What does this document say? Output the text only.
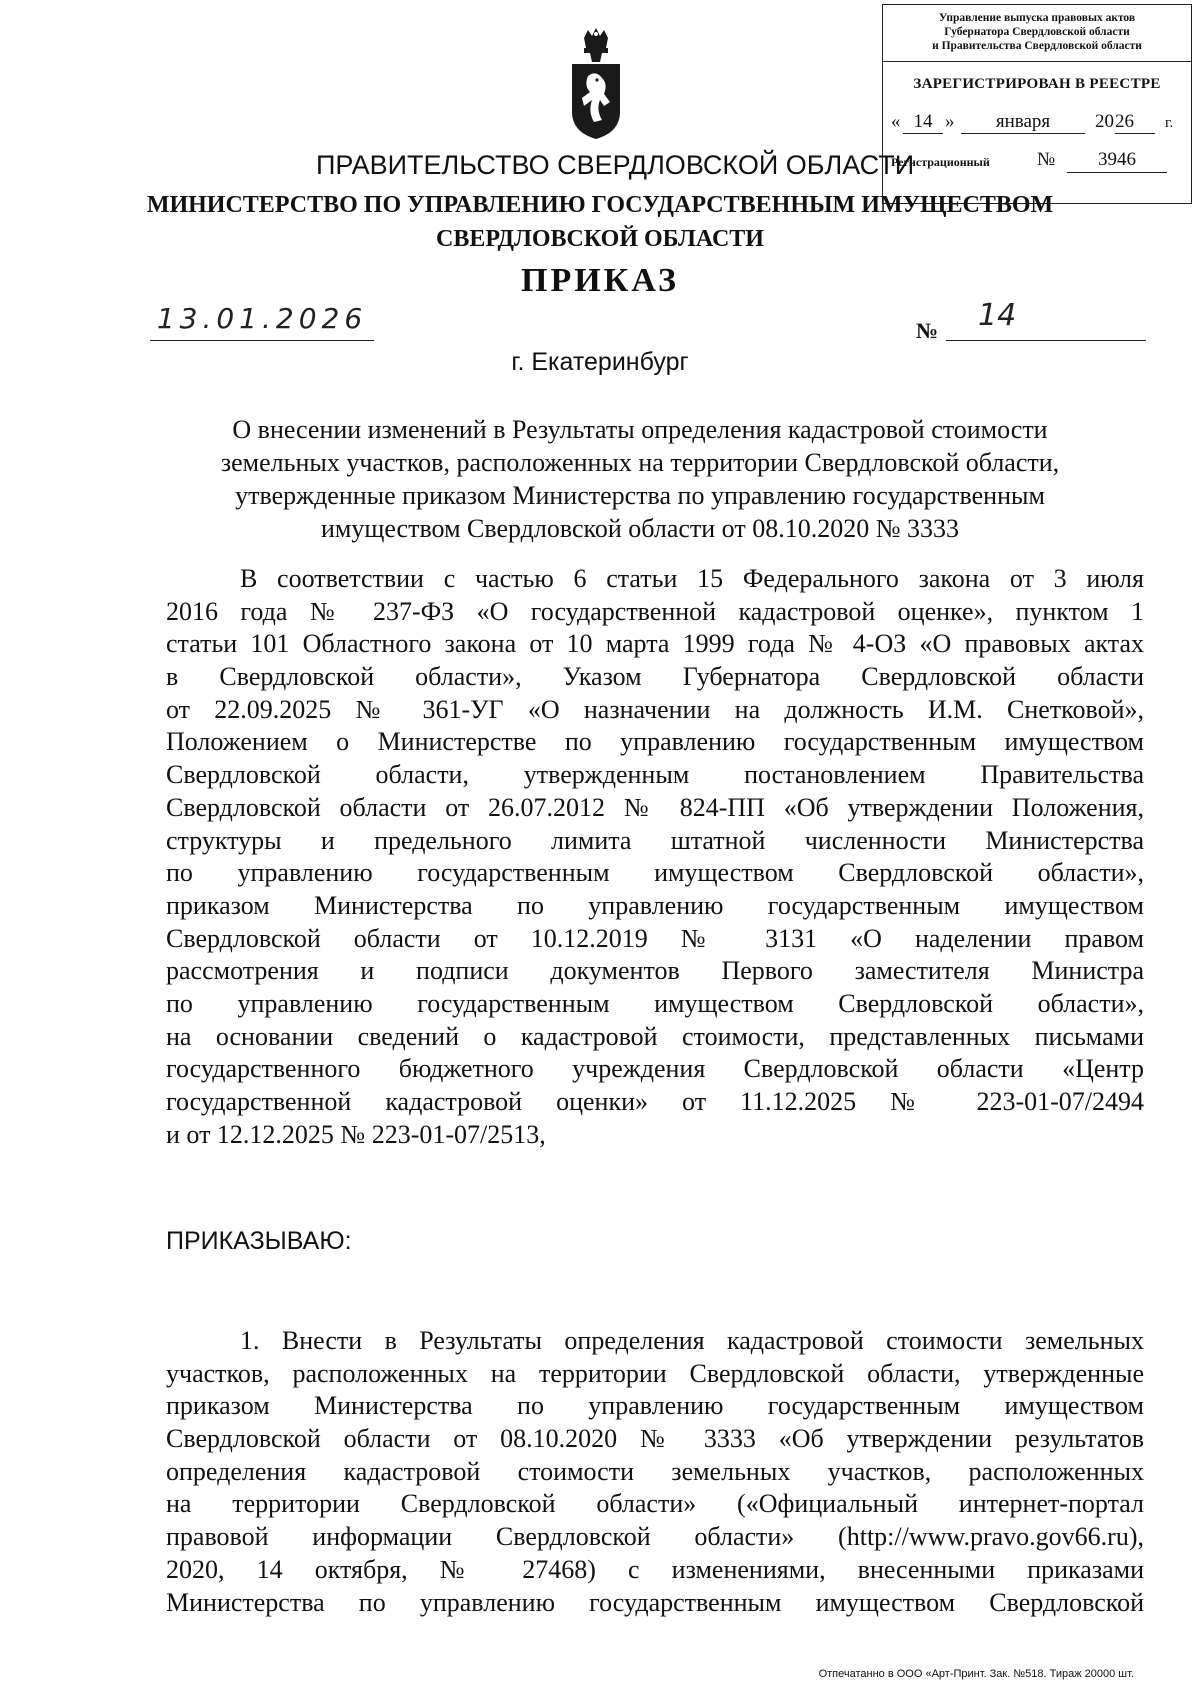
Управление выпуска правовых актов
Губернатора Свердловской области
и Правительства Свердловской области
ЗАРЕГИСТРИРОВАН В РЕЕСТРЕ
« 14 »	января	20 26	г.
Регистрационный №	3946
ПРАВИТЕЛЬСТВО СВЕРДЛОВСКОЙ ОБЛАСТИ
МИНИСТЕРСТВО ПО УПРАВЛЕНИЮ ГОСУДАРСТВЕННЫМ ИМУЩЕСТВОМ
СВЕРДЛОВСКОЙ ОБЛАСТИ
ПРИКАЗ
13.01.2026	№ 14
г. Екатеринбург
О внесении изменений в Результаты определения кадастровой стоимости
земельных участков, расположенных на территории Свердловской области,
утвержденные приказом Министерства по управлению государственным
имуществом Свердловской области от 08.10.2020 № 3333
В соответствии с частью 6 статьи 15 Федерального закона от 3 июля
2016 года № 237-ФЗ «О государственной кадастровой оценке», пунктом 1
статьи 101 Областного закона от 10 марта 1999 года № 4-ОЗ «О правовых актах
в Свердловской области», Указом Губернатора Свердловской области
от 22.09.2025 № 361-УГ «О назначении на должность И.М. Снетковой»,
Положением о Министерстве по управлению государственным имуществом
Свердловской области, утвержденным постановлением Правительства
Свердловской области от 26.07.2012 № 824-ПП «Об утверждении Положения,
структуры и предельного лимита штатной численности Министерства
по управлению государственным имуществом Свердловской области»,
приказом Министерства по управлению государственным имуществом
Свердловской области от 10.12.2019 № 3131 «О наделении правом
рассмотрения и подписи документов Первого заместителя Министра
по управлению государственным имуществом Свердловской области»,
на основании сведений о кадастровой стоимости, представленных письмами
государственного бюджетного учреждения Свердловской области «Центр
государственной кадастровой оценки» от 11.12.2025 № 223-01-07/2494
и от 12.12.2025 № 223-01-07/2513,
ПРИКАЗЫВАЮ:
1. Внести в Результаты определения кадастровой стоимости земельных
участков, расположенных на территории Свердловской области, утвержденные
приказом Министерства по управлению государственным имуществом
Свердловской области от 08.10.2020 № 3333 «Об утверждении результатов
определения кадастровой стоимости земельных участков, расположенных
на территории Свердловской области» («Официальный интернет-портал
правовой информации Свердловской области» (http://www.pravo.gov66.ru),
2020, 14 октября, № 27468) с изменениями, внесенными приказами
Министерства по управлению государственным имуществом Свердловской
Отпечатанно в ООО «Арт-Принт. Зак. №518. Тираж 20000 шт.
